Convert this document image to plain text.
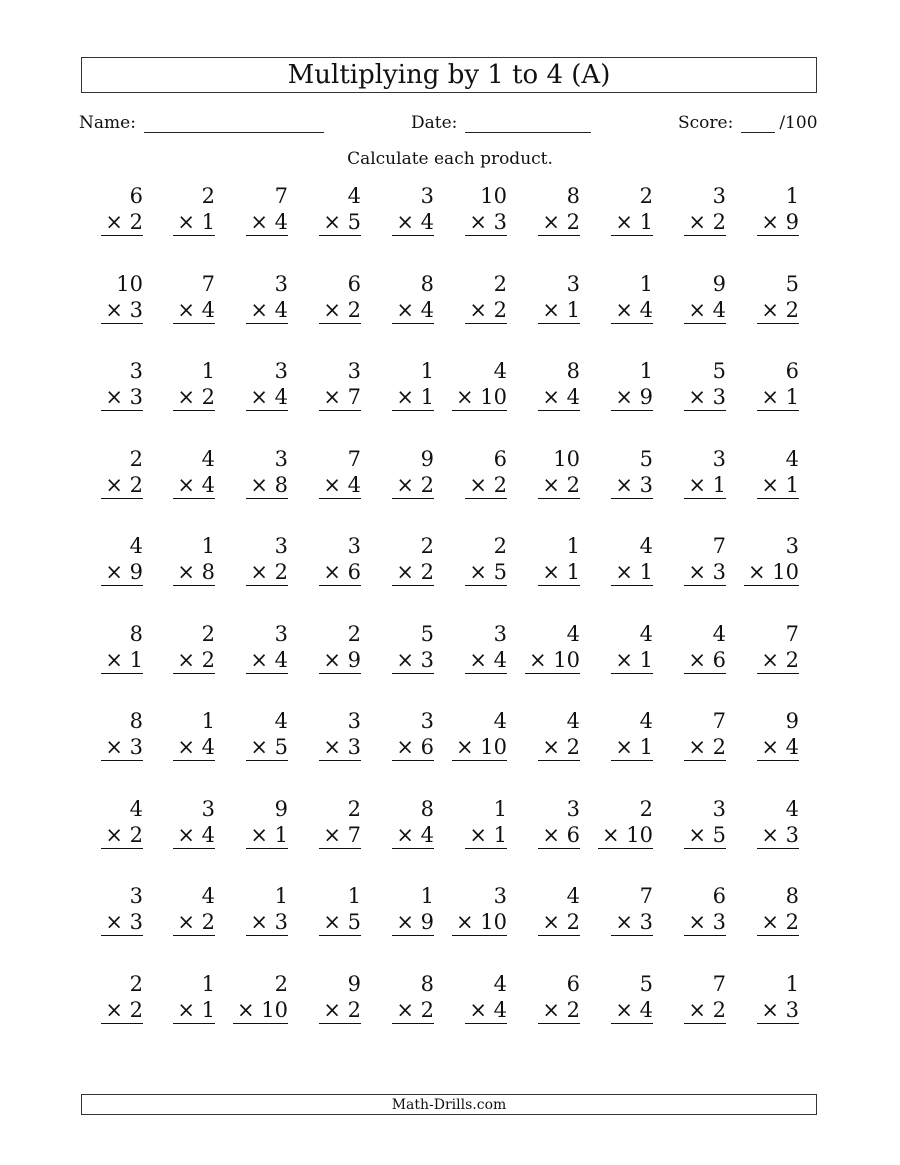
Multiplying by 1 to 4 (A)
Name:	Date:	Score:	/100
Calculate each product.
6
× 2
2
× 1
7
× 4
4
× 5
3
× 4
10
× 3
8
× 2
2
× 1
3
× 2
1
× 9
10
× 3
7
× 4
3
× 4
6
× 2
8
× 4
2
× 2
3
× 1
1
× 4
9
× 4
5
× 2
3
× 3
1
× 2
3
× 4
3
× 7
1
× 1
4
× 10
8
× 4
1
× 9
5
× 3
6
× 1
2
× 2
4
× 4
3
× 8
7
× 4
9
× 2
6
× 2
10
× 2
5
× 3
3
× 1
4
× 1
4
× 9
1
× 8
3
× 2
3
× 6
2
× 2
2
× 5
1
× 1
4
× 1
7
× 3
3
× 10
8
× 1
2
× 2
3
× 4
2
× 9
5
× 3
3
× 4
4
× 10
4
× 1
4
× 6
7
× 2
8
× 3
1
× 4
4
× 5
3
× 3
3
× 6
4
× 10
4
× 2
4
× 1
7
× 2
9
× 4
4
× 2
3
× 4
9
× 1
2
× 7
8
× 4
1
× 1
3
× 6
2
× 10
3
× 5
4
× 3
3
× 3
4
× 2
1
× 3
1
× 5
1
× 9
3
× 10
4
× 2
7
× 3
6
× 3
8
× 2
2
× 2
1
× 1
2
× 10
9
× 2
8
× 2
4
× 4
6
× 2
5
× 4
7
× 2
1
× 3
Math-Drills.com
